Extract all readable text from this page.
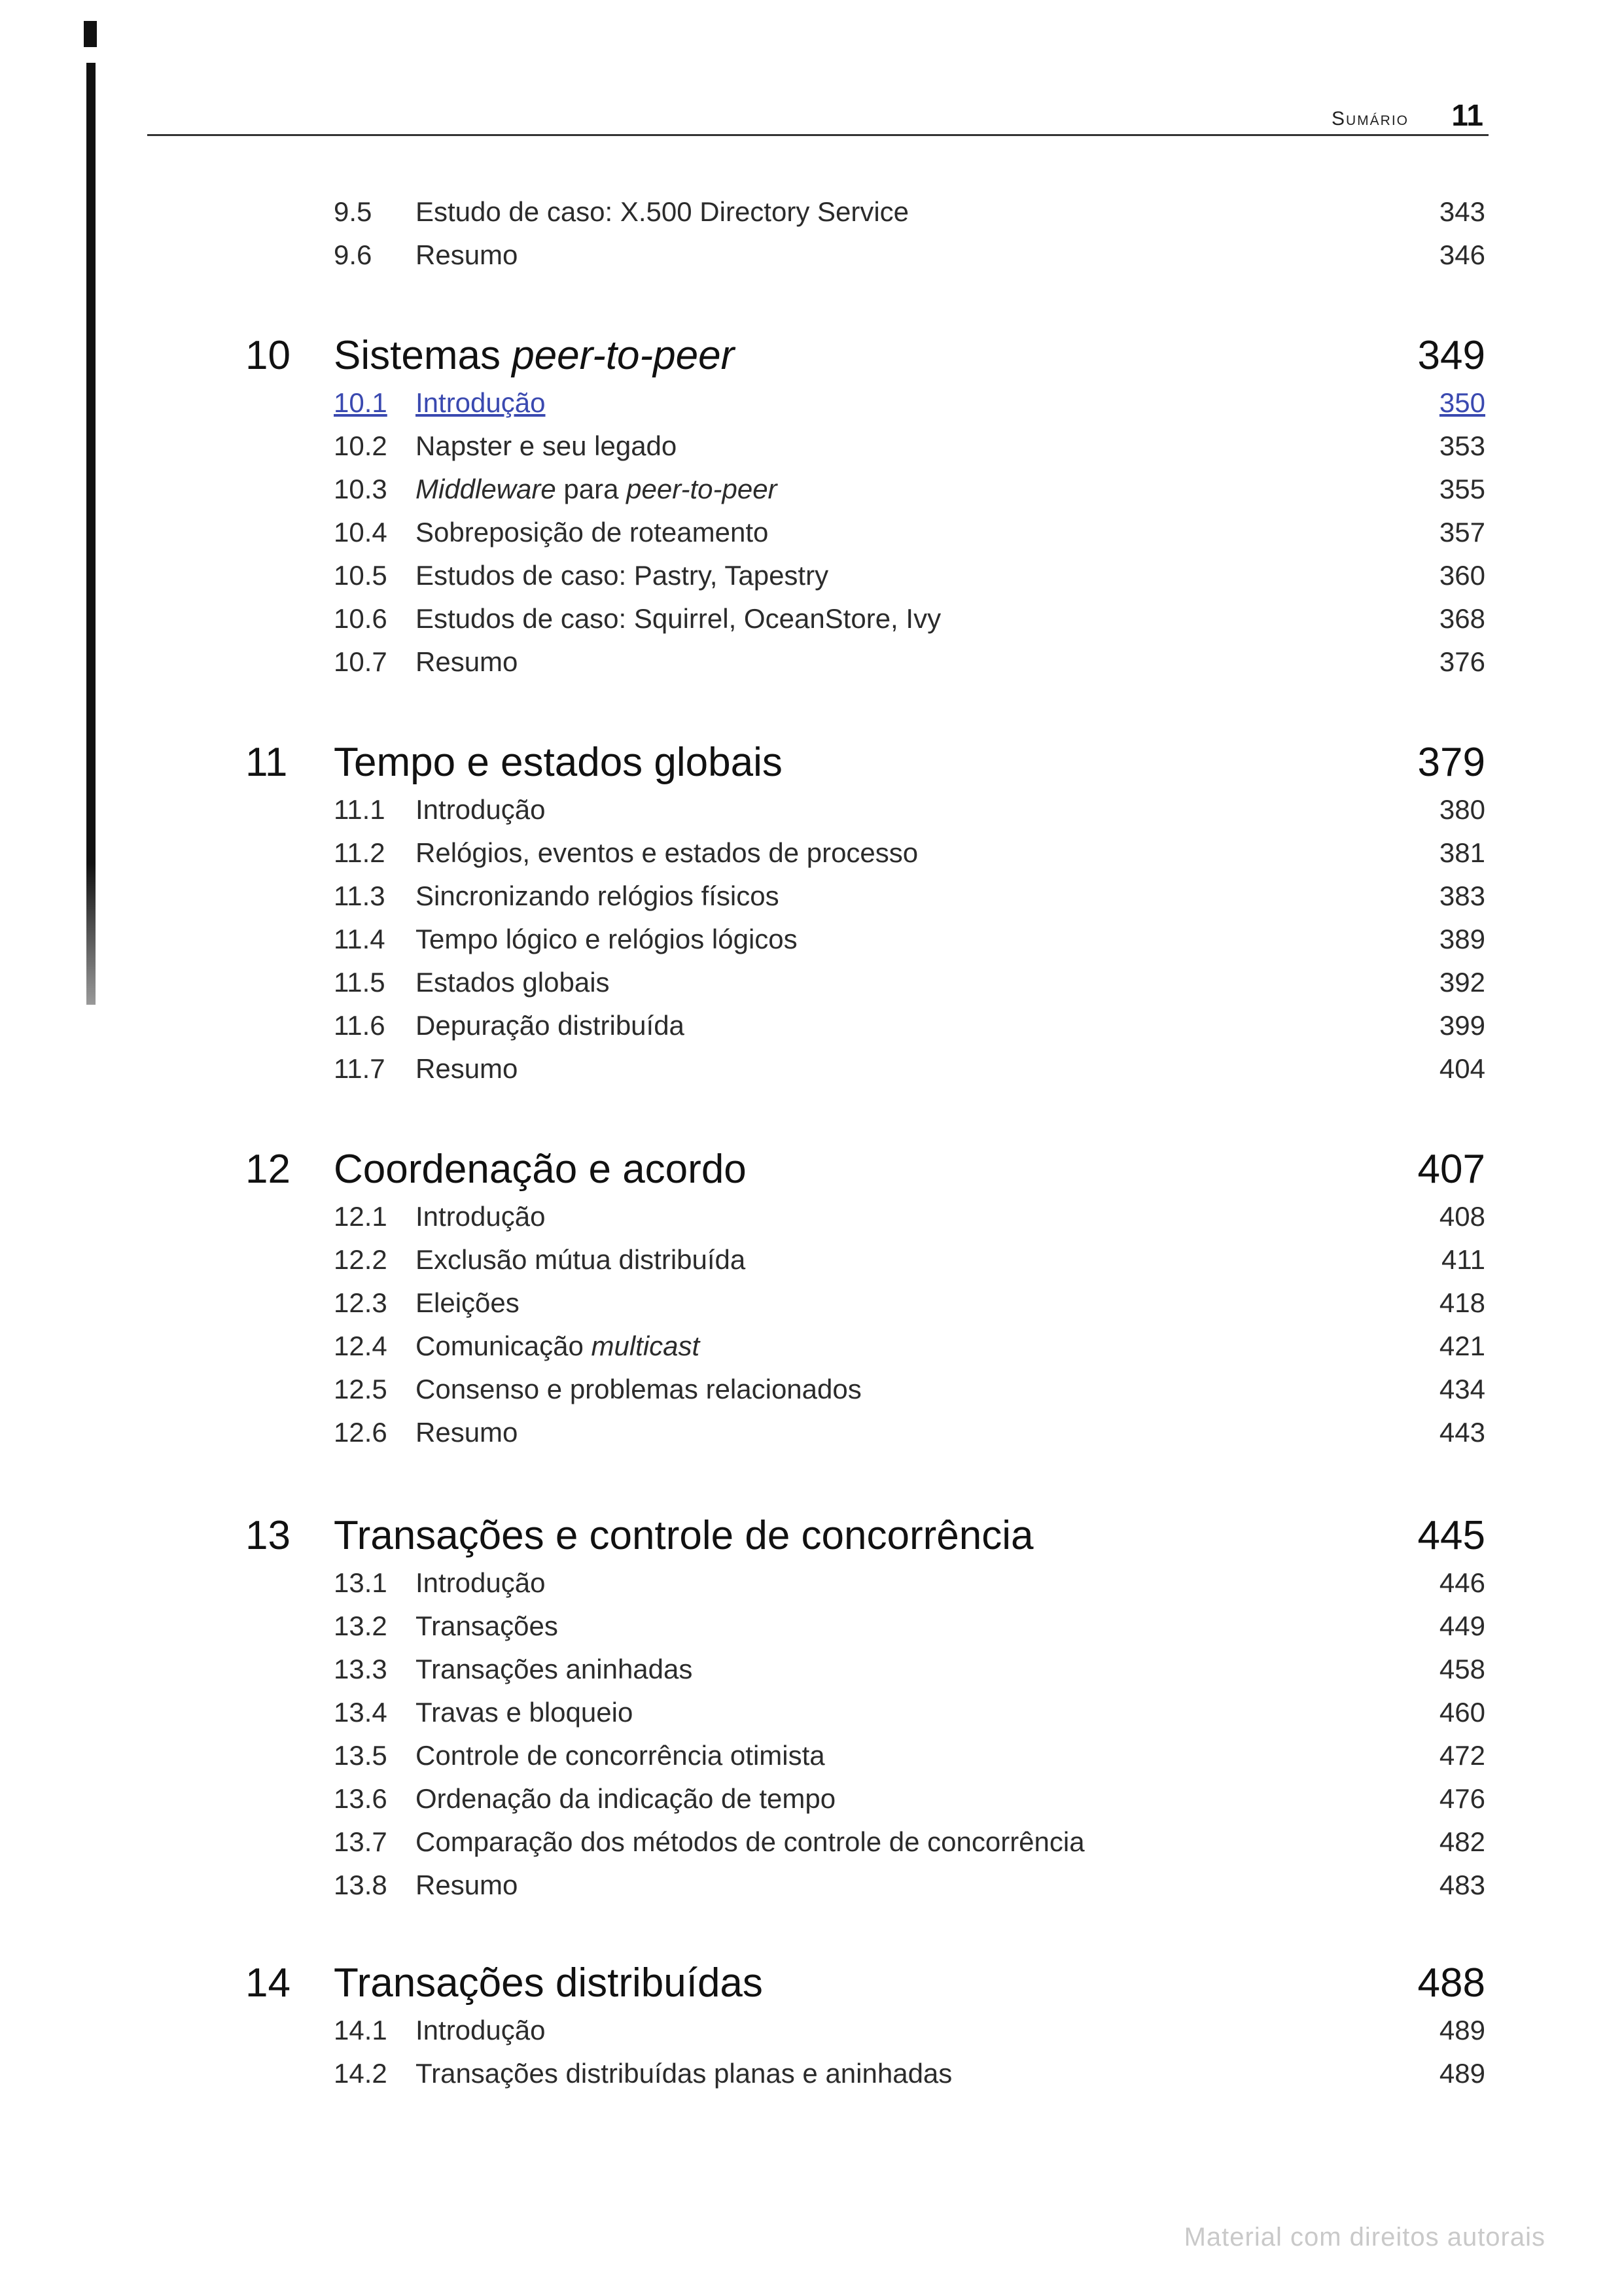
Sumário 11
9.5 Estudo de caso: X.500 Directory Service	343
9.6 Resumo	346
10 Sistemas peer-to-peer	349
10.1 Introdução	350
10.2 Napster e seu legado	353
10.3 Middleware para peer-to-peer	355
10.4 Sobreposição de roteamento	357
10.5 Estudos de caso: Pastry, Tapestry	360
10.6 Estudos de caso: Squirrel, OceanStore, Ivy	368
10.7 Resumo	376
11 Tempo e estados globais	379
11.1 Introdução	380
11.2 Relógios, eventos e estados de processo	381
11.3 Sincronizando relógios físicos	383
11.4 Tempo lógico e relógios lógicos	389
11.5 Estados globais	392
11.6 Depuração distribuída	399
11.7 Resumo	404
12 Coordenação e acordo	407
12.1 Introdução	408
12.2 Exclusão mútua distribuída	411
12.3 Eleições	418
12.4 Comunicação multicast	421
12.5 Consenso e problemas relacionados	434
12.6 Resumo	443
13 Transações e controle de concorrência	445
13.1 Introdução	446
13.2 Transações	449
13.3 Transações aninhadas	458
13.4 Travas e bloqueio	460
13.5 Controle de concorrência otimista	472
13.6 Ordenação da indicação de tempo	476
13.7 Comparação dos métodos de controle de concorrência	482
13.8 Resumo	483
14 Transações distribuídas	488
14.1 Introdução	489
14.2 Transações distribuídas planas e aninhadas	489
Material com direitos autorais
